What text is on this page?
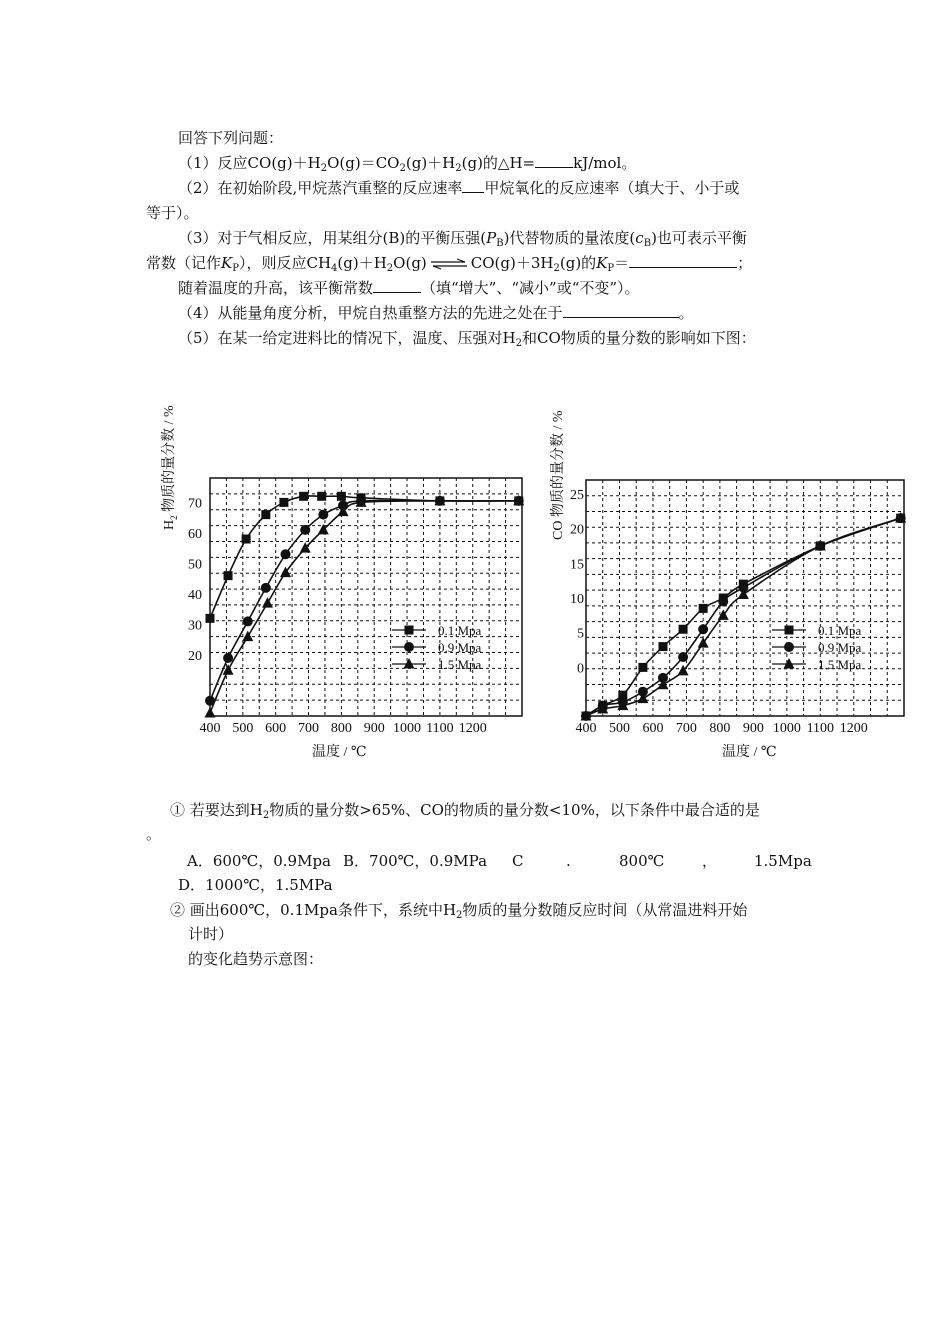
回答下列问题：
（1）反应$CO(g)+H_2O(g)=CO_2(g)+H_2(g)$的△H=	kJ/mol。
（2）在初始阶段,甲烷蒸汽重整的反应速率 甲烷氧化的反应速率（填大于、小于或
等于）。
（3）对于气相反应，用某组分(B)的平衡压强$(P_B)$代替物质的量浓度$(c_B)$也可表示平衡
常数（记作$K_P$），则反应$CH_4(g)+H_2O(g)$ ⇌ $CO(g)+3H_2(g)$的$K_P=$	；
随着温度的升高，该平衡常数	（填“增大”、“减小”或“不变”）。
（4）从能量角度分析，甲烷自热重整方法的先进之处在于	。
（5）在某一给定进料比的情况下，温度、压强对$H_2$和CO物质的量分数的影响如下图：
20
30
40
50
60
70
400 500 600 700 800 900 1000 1100 1200
0.1 Mpa
0.9 Mpa
1.5 Mpa
$H_2$ 物质的量分数 / %
温度 / ℃
0
5
10
15
20
25
400 500 600 700 800 900 1000 1100 1200
0.1 Mpa
0.9 Mpa
1.5 Mpa
CO 物质的量分数 / %
温度 / ℃
① 若要达到$H_2$物质的量分数>65%、CO的物质的量分数<10%，以下条件中最合适的是
。
A．600℃，0.9Mpa B．700℃，0.9MPa C	.	800℃	， 1.5Mpa
D．1000℃，1.5MPa
② 画出600℃，0.1Mpa条件下，系统中$H_2$物质的量分数随反应时间（从常温进料开始
计时）
的变化趋势示意图：
